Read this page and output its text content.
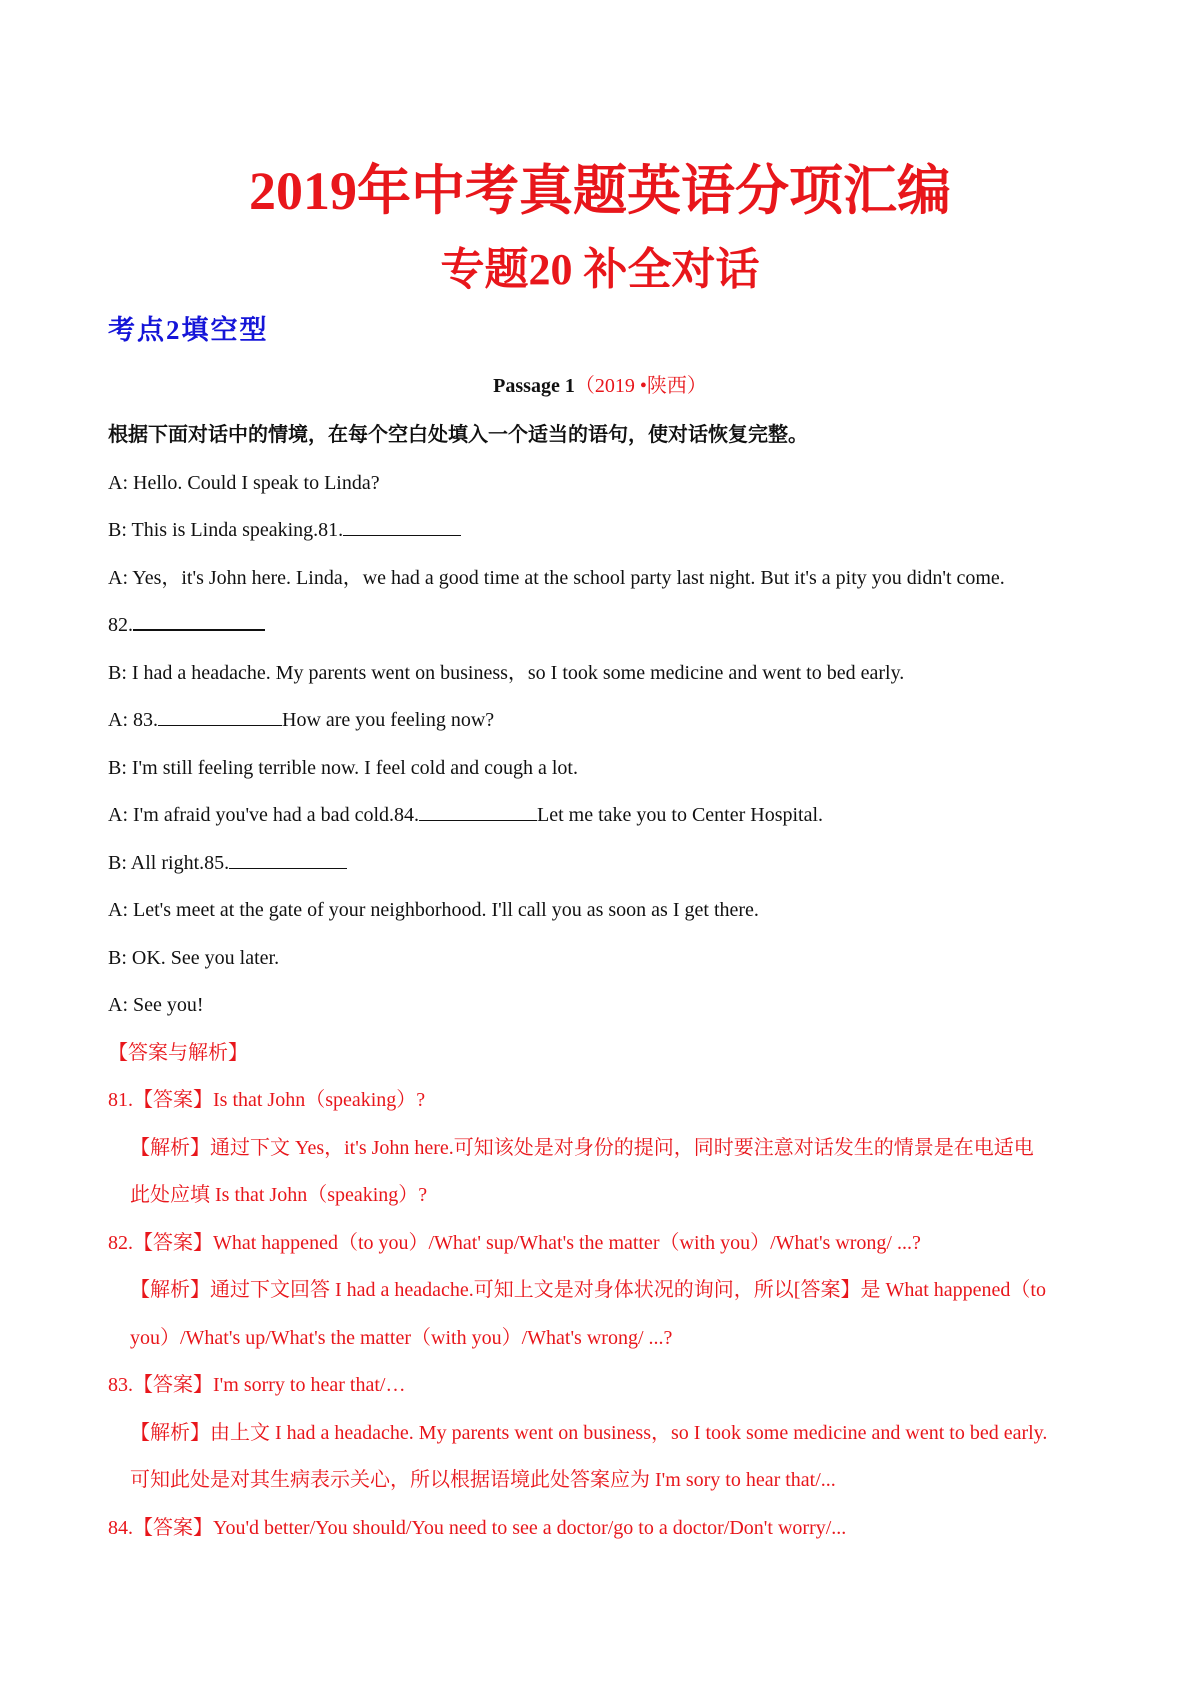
2019年中考真题英语分项汇编
专题20 补全对话
考点2填空型
Passage 1（2019 •陕西）
根据下面对话中的情境，在每个空白处填入一个适当的语句，使对话恢复完整。
A: Hello. Could I speak to Linda?
B: This is Linda speaking.81.
A: Yes，it's John here. Linda，we had a good time at the school party last night. But it's a pity you didn't come.
82.
B: I had a headache. My parents went on business，so I took some medicine and went to bed early.
A: 83.	How are you feeling now?
B: I'm still feeling terrible now. I feel cold and cough a lot.
A: I'm afraid you've had a bad cold.84.	Let me take you to Center Hospital.
B: All right.85.
A: Let's meet at the gate of your neighborhood. I'll call you as soon as I get there.
B: OK. See you later.
A: See you!
【答案与解析】
81.【答案】Is that John（speaking）?
【解析】通过下文 Yes，it's John here.可知该处是对身份的提问，同时要注意对话发生的情景是在电适电
此处应填 Is that John（speaking）?
82.【答案】What happened（to you）/What' sup/What's the matter（with you）/What's wrong/ ...?
【解析】通过下文回答 I had a headache.可知上文是对身体状况的询问，所以[答案】是 What happened（to
you）/What's up/What's the matter（with you）/What's wrong/ ...?
83.【答案】I'm sorry to hear that/…
【解析】由上文 I had a headache. My parents went on business，so I took some medicine and went to bed early.
可知此处是对其生病表示关心，所以根据语境此处答案应为 I'm sory to hear that/...
84.【答案】You'd better/You should/You need to see a doctor/go to a doctor/Don't worry/...
